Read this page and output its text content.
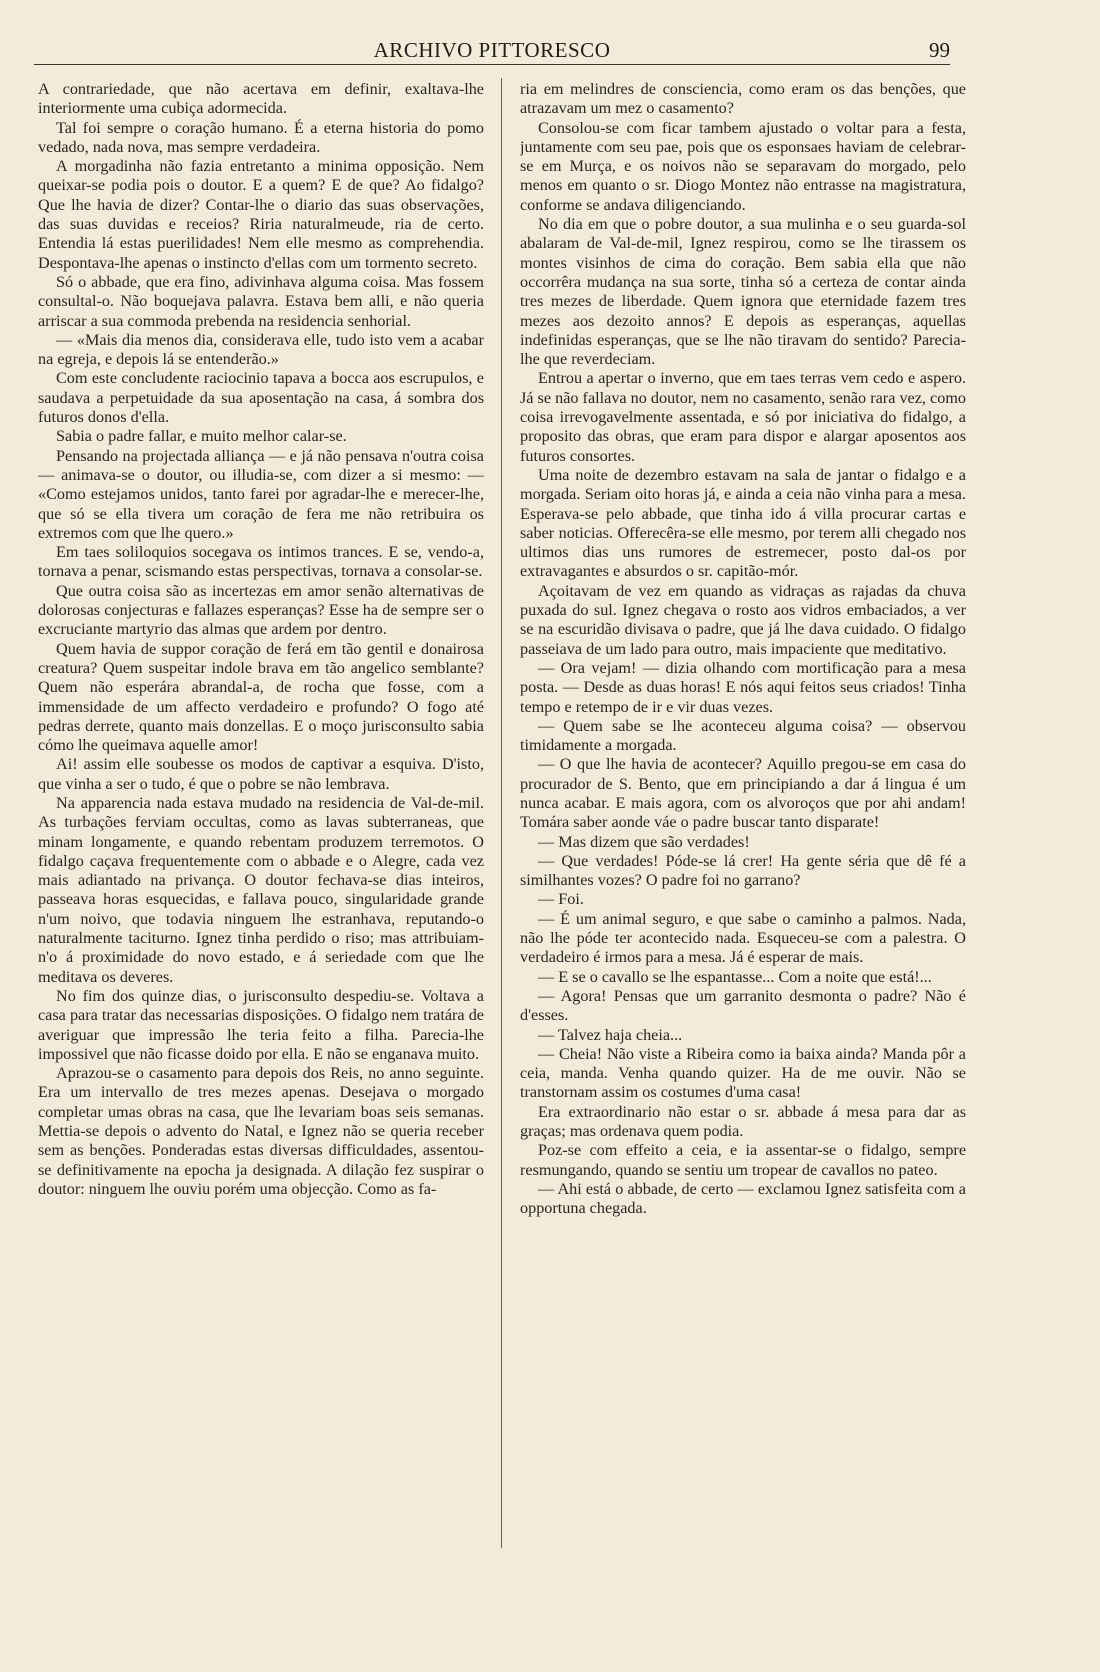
ARCHIVO PITTORESCO	99

A contrariedade, que não acertava em definir, exaltava-lhe interiormente uma cubiça adormecida.

Tal foi sempre o coração humano. É a eterna historia do pomo vedado, nada nova, mas sempre verdadeira.

A morgadinha não fazia entretanto a minima opposição. Nem queixar-se podia pois o doutor. E a quem? E de que? Ao fidalgo? Que lhe havia de dizer? Contar-lhe o diario das suas observações, das suas duvidas e receios? Riria naturalmeude, ria de certo. Entendia lá estas puerilidades! Nem elle mesmo as comprehendia. Despontava-lhe apenas o instincto d'ellas com um tormento secreto.

Só o abbade, que era fino, adivinhava alguma coisa. Mas fossem consultal-o. Não boquejava palavra. Estava bem alli, e não queria arriscar a sua commoda prebenda na residencia senhorial.

— «Mais dia menos dia, considerava elle, tudo isto vem a acabar na egreja, e depois lá se entenderão.»

Com este concludente raciocinio tapava a bocca aos escrupulos, e saudava a perpetuidade da sua aposentação na casa, á sombra dos futuros donos d'ella.

Sabia o padre fallar, e muito melhor calar-se.

Pensando na projectada alliança — e já não pensava n'outra coisa — animava-se o doutor, ou illudia-se, com dizer a si mesmo: — «Como estejamos unidos, tanto farei por agradar-lhe e merecer-lhe, que só se ella tivera um coração de fera me não retribuira os extremos com que lhe quero.»

Em taes soliloquios socegava os intimos trances. E se, vendo-a, tornava a penar, scismando estas perspectivas, tornava a consolar-se.

Que outra coisa são as incertezas em amor senão alternativas de dolorosas conjecturas e fallazes esperanças? Esse ha de sempre ser o excruciante martyrio das almas que ardem por dentro.

Quem havia de suppor coração de ferá em tão gentil e donairosa creatura? Quem suspeitar indole brava em tão angelico semblante? Quem não esperára abrandal-a, de rocha que fosse, com a immensidade de um affecto verdadeiro e profundo? O fogo até pedras derrete, quanto mais donzellas. E o moço jurisconsulto sabia cómo lhe queimava aquelle amor!

Ai! assim elle soubesse os modos de captivar a esquiva. D'isto, que vinha a ser o tudo, é que o pobre se não lembrava.

Na apparencia nada estava mudado na residencia de Val-de-mil. As turbações ferviam occultas, como as lavas subterraneas, que minam longamente, e quando rebentam produzem terremotos. O fidalgo caçava frequentemente com o abbade e o Alegre, cada vez mais adiantado na privança. O doutor fechava-se dias inteiros, passeava horas esquecidas, e fallava pouco, singularidade grande n'um noivo, que todavia ninguem lhe estranhava, reputando-o naturalmente taciturno. Ignez tinha perdido o riso; mas attribuiam-n'o á proximidade do novo estado, e á seriedade com que lhe meditava os deveres.

No fim dos quinze dias, o jurisconsulto despediu-se. Voltava a casa para tratar das necessarias disposições. O fidalgo nem tratára de averiguar que impressão lhe teria feito a filha. Parecia-lhe impossivel que não ficasse doido por ella. E não se enganava muito.

Aprazou-se o casamento para depois dos Reis, no anno seguinte. Era um intervallo de tres mezes apenas. Desejava o morgado completar umas obras na casa, que lhe levariam boas seis semanas. Mettia-se depois o advento do Natal, e Ignez não se queria receber sem as benções. Ponderadas estas diversas difficuldades, assentou-se definitivamente na epocha ja designada. A dilação fez suspirar o doutor: ninguem lhe ouviu porém uma objecção. Como as fa-

ria em melindres de consciencia, como eram os das benções, que atrazavam um mez o casamento?

Consolou-se com ficar tambem ajustado o voltar para a festa, juntamente com seu pae, pois que os esponsaes haviam de celebrar-se em Murça, e os noivos não se separavam do morgado, pelo menos em quanto o sr. Diogo Montez não entrasse na magistratura, conforme se andava diligenciando.

No dia em que o pobre doutor, a sua mulinha e o seu guarda-sol abalaram de Val-de-mil, Ignez respirou, como se lhe tirassem os montes visinhos de cima do coração. Bem sabia ella que não occorrêra mudança na sua sorte, tinha só a certeza de contar ainda tres mezes de liberdade. Quem ignora que eternidade fazem tres mezes aos dezoito annos? E depois as esperanças, aquellas indefinidas esperanças, que se lhe não tiravam do sentido? Parecia-lhe que reverdeciam.

Entrou a apertar o inverno, que em taes terras vem cedo e aspero. Já se não fallava no doutor, nem no casamento, senão rara vez, como coisa irrevogavelmente assentada, e só por iniciativa do fidalgo, a proposito das obras, que eram para dispor e alargar aposentos aos futuros consortes.

Uma noite de dezembro estavam na sala de jantar o fidalgo e a morgada. Seriam oito horas já, e ainda a ceia não vinha para a mesa. Esperava-se pelo abbade, que tinha ido á villa procurar cartas e saber noticias. Offerecêra-se elle mesmo, por terem alli chegado nos ultimos dias uns rumores de estremecer, posto dal-os por extravagantes e absurdos o sr. capitão-mór.

Açoitavam de vez em quando as vidraças as rajadas da chuva puxada do sul. Ignez chegava o rosto aos vidros embaciados, a ver se na escuridão divisava o padre, que já lhe dava cuidado. O fidalgo passeiava de um lado para outro, mais impaciente que meditativo.

— Ora vejam! — dizia olhando com mortificação para a mesa posta. — Desde as duas horas! E nós aqui feitos seus criados! Tinha tempo e retempo de ir e vir duas vezes.

— Quem sabe se lhe aconteceu alguma coisa? — observou timidamente a morgada.

— O que lhe havia de acontecer? Aquillo pregou-se em casa do procurador de S. Bento, que em principiando a dar á lingua é um nunca acabar. E mais agora, com os alvoroços que por ahi andam! Tomára saber aonde váe o padre buscar tanto disparate!

— Mas dizem que são verdades!

— Que verdades! Póde-se lá crer! Ha gente séria que dê fé a similhantes vozes? O padre foi no garrano?

— Foi.

— É um animal seguro, e que sabe o caminho a palmos. Nada, não lhe póde ter acontecido nada. Esqueceu-se com a palestra. O verdadeiro é irmos para a mesa. Já é esperar de mais.

— E se o cavallo se lhe espantasse... Com a noite que está!...

— Agora! Pensas que um garranito desmonta o padre? Não é d'esses.

— Talvez haja cheia...

— Cheia! Não viste a Ribeira como ia baixa ainda? Manda pôr a ceia, manda. Venha quando quizer. Ha de me ouvir. Não se transtornam assim os costumes d'uma casa!

Era extraordinario não estar o sr. abbade á mesa para dar as graças; mas ordenava quem podia.

Poz-se com effeito a ceia, e ia assentar-se o fidalgo, sempre resmungando, quando se sentiu um tropear de cavallos no pateo.

— Ahi está o abbade, de certo — exclamou Ignez satisfeita com a opportuna chegada.
